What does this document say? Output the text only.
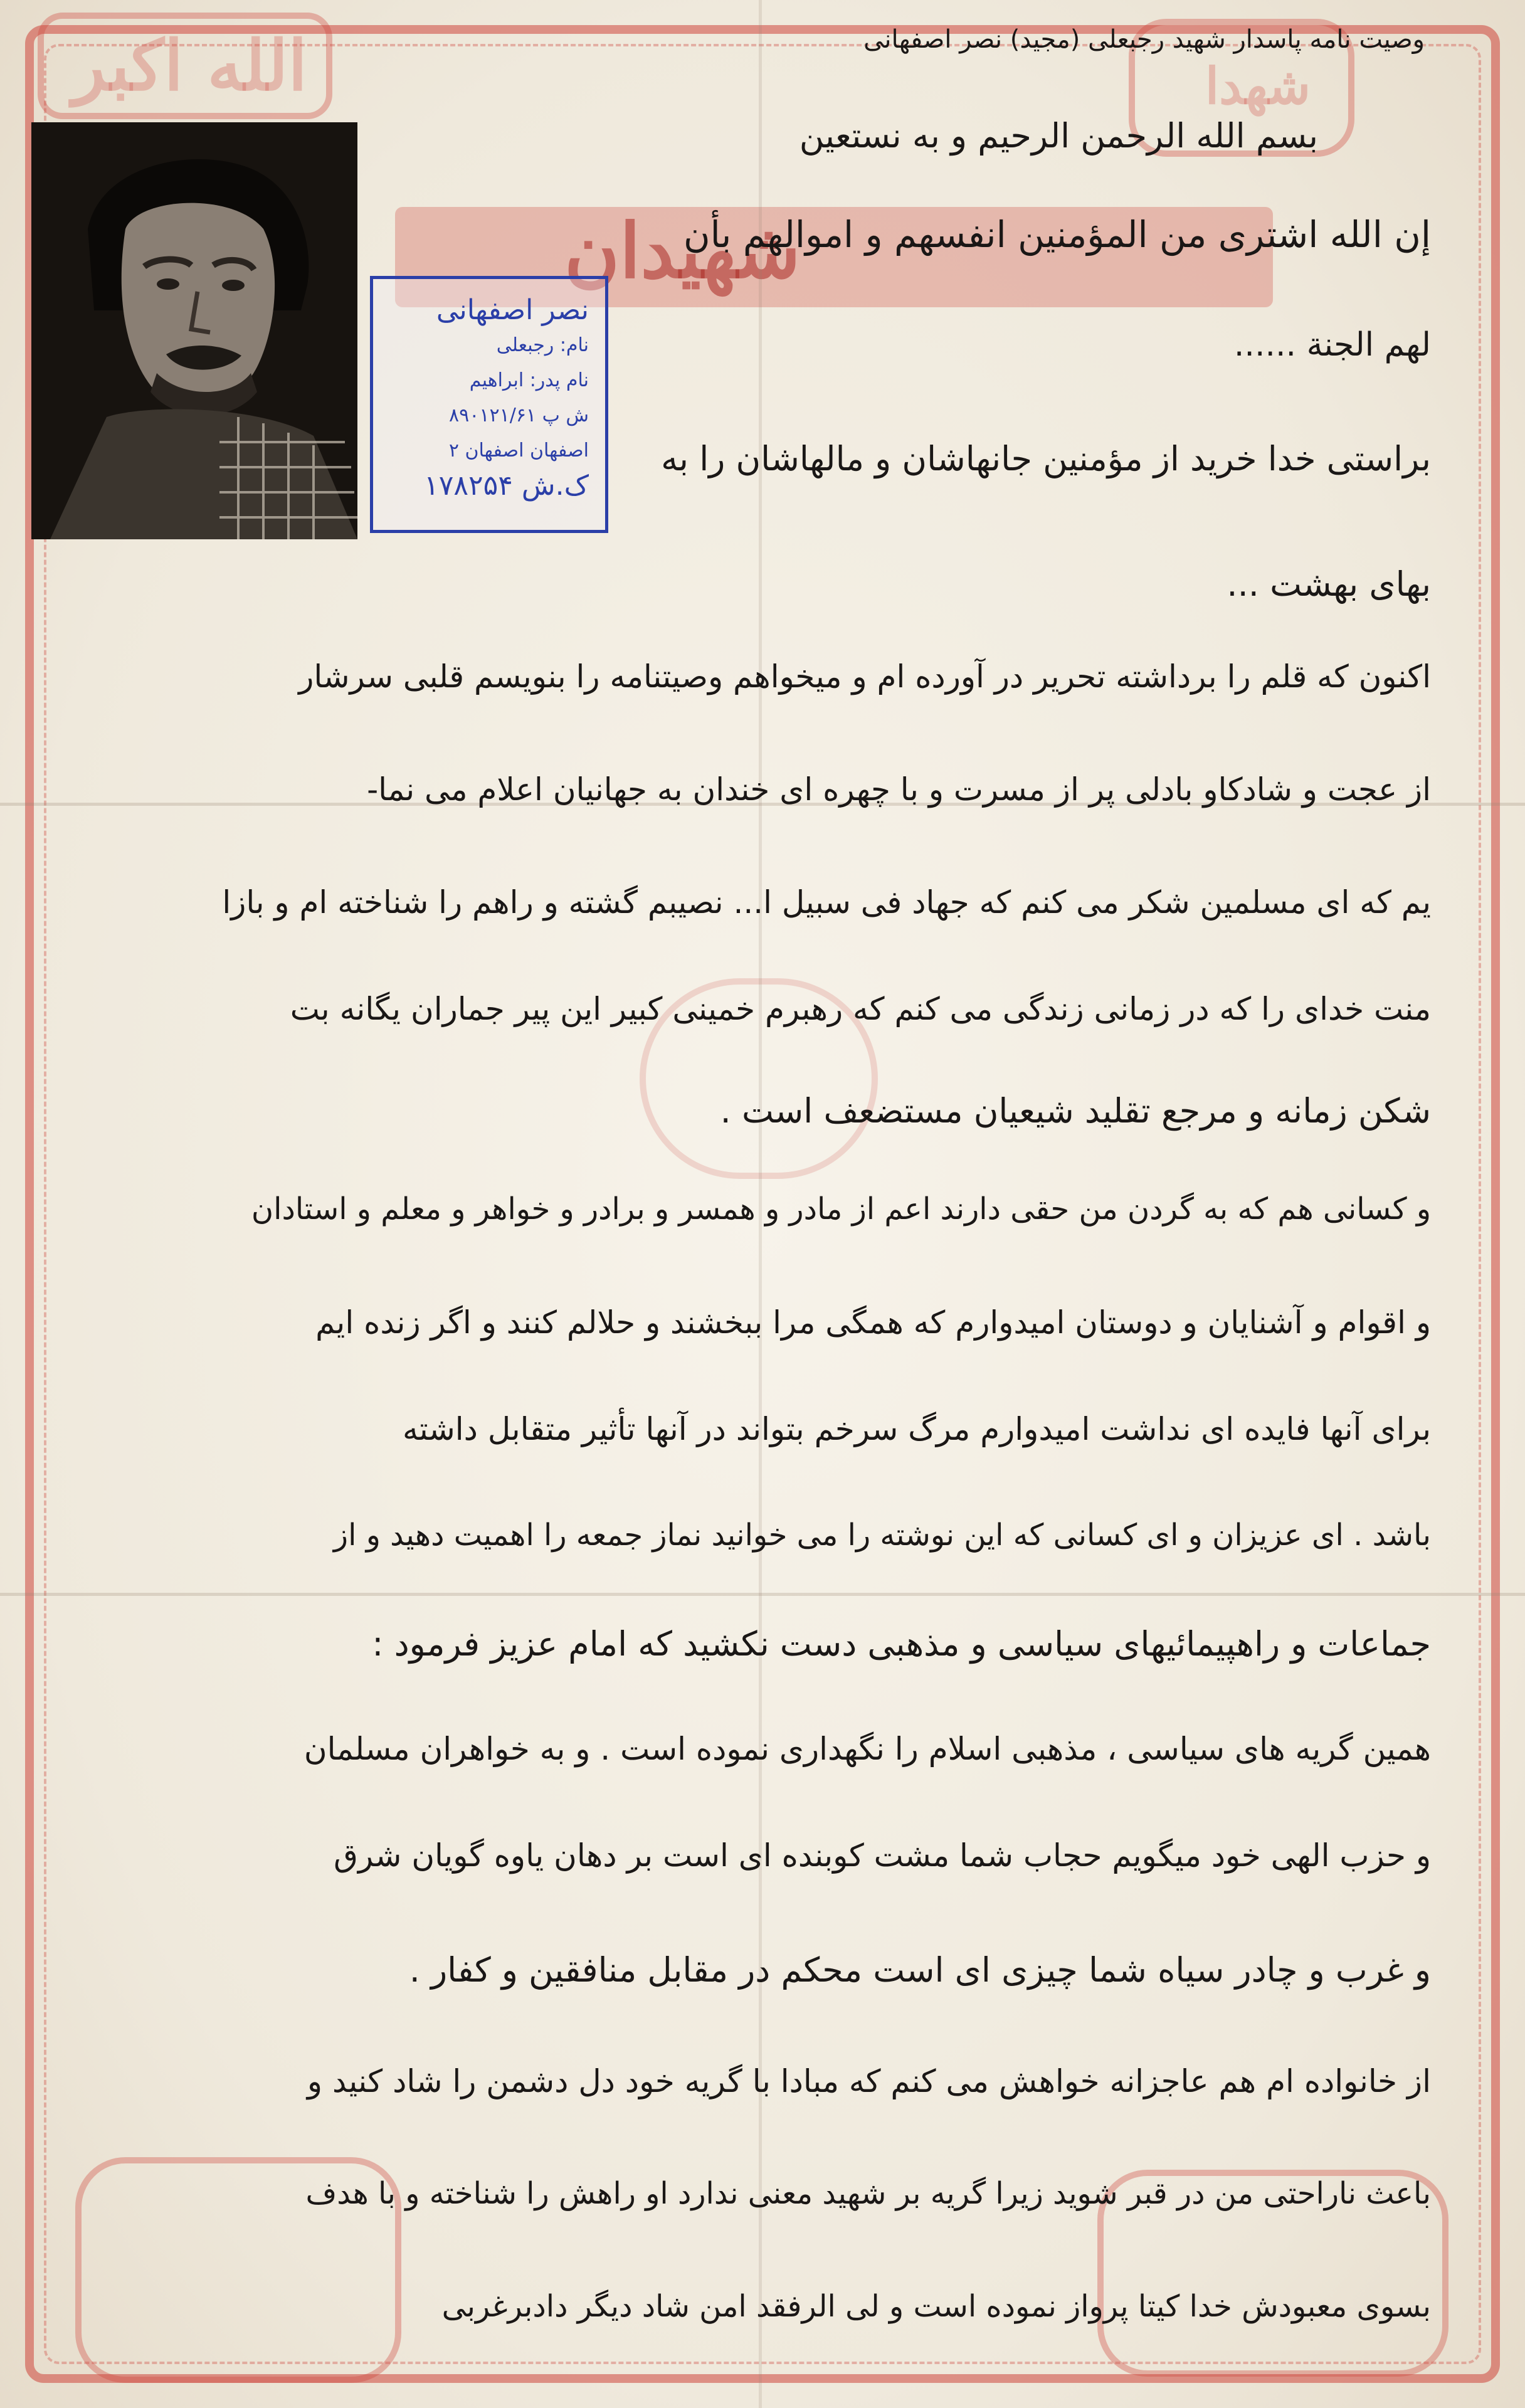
الله اکبر	شهدا
شهیدان
نصر اصفهانی
نام: رجبعلی
نام پدر: ابراهیم
ش پ ۸۹۰۱۲۱/۶۱
اصفهان اصفهان ۲
ک.ش ۱۷۸۲۵۴
وصیت نامه پاسدار شهید رجبعلی (مجید) نصر اصفهانی
بسم الله الرحمن الرحیم و به نستعین
إن الله اشتری من المؤمنین انفسهم و اموالهم بأن
لهم الجنة ......
براستی خدا خرید از مؤمنین جانهاشان و مالهاشان را به
بهای بهشت ...
اکنون که قلم را برداشته تحریر در آورده ام و میخواهم وصیتنامه را بنویسم قلبی سرشار
از عجت و شادکاو بادلی پر از مسرت و با چهره ای خندان به جهانیان اعلام می نما-
یم که ای مسلمین شکر می کنم که جهاد فی سبیل ا... نصیبم گشته و راهم را شناخته ام و بازا
منت خدای را که در زمانی زندگی می کنم که رهبرم خمینی کبیر این پیر جماران یگانه بت
شکن زمانه و مرجع تقلید شیعیان مستضعف است .
و کسانی هم که به گردن من حقی دارند اعم از مادر و همسر و برادر و خواهر و معلم و استادان
و اقوام و آشنایان و دوستان امیدوارم که همگی مرا ببخشند و حلالم کنند و اگر زنده ایم
برای آنها فایده ای نداشت امیدوارم مرگ سرخم بتواند در آنها تأثیر متقابل داشته
باشد . ای عزیزان و ای کسانی که این نوشته را می خوانید نماز جمعه را اهمیت دهید و از
جماعات و راهپیمائیهای سیاسی و مذهبی دست نکشید که امام عزیز فرمود :
همین گریه های سیاسی ، مذهبی اسلام را نگهداری نموده است . و به خواهران مسلمان
و حزب الهی خود میگویم حجاب شما مشت کوبنده ای است بر دهان یاوه گویان شرق
و غرب و چادر سیاه شما چیزی ای است محکم در مقابل منافقین و کفار .
از خانواده ام هم عاجزانه خواهش می کنم که مبادا با گریه خود دل دشمن را شاد کنید و
باعث ناراحتی من در قبر شوید زیرا گریه بر شهید معنی ندارد او راهش را شناخته و با هدف
بسوی معبودش خدا کیتا پرواز نموده است و لی الرفقد امن شاد دیگر دادبرغربی
